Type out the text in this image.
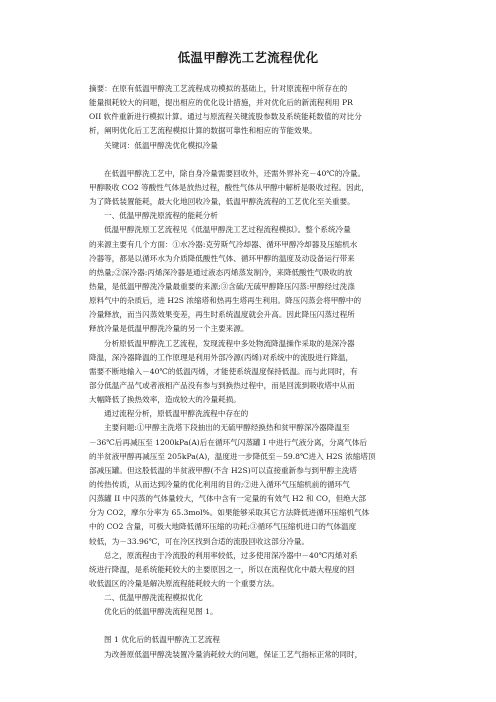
低温甲醇洗工艺流程优化
摘要：在原有低温甲醇洗工艺流程成功模拟的基础上，针对原流程中所存在的
能量损耗较大的问题，提出相应的优化设计措施，并对优化后的新流程利用 PR
OII 软件重新进行模拟计算。通过与原流程关键流股参数及系统能耗数值的对比分
析，阐明优化后工艺流程模拟计算的数据可靠性和相应的节能效果。
关键词：低温甲醇洗优化模拟冷量
在低温甲醇洗工艺中，除自身冷量需要回收外，还需外界补充－40℃的冷量。
甲醇吸收 CO2 等酸性气体是放热过程，酸性气体从甲醇中解析是吸收过程。因此，
为了降低装置能耗，最大化地回收冷量，低温甲醇洗流程的工艺优化至关重要。
一、低温甲醇洗原流程的能耗分析
低温甲醇洗原工艺流程见《低温甲醇洗工艺过程流程模拟》。整个系统冷量
的来源主要有几个方面：①水冷器:克劳斯气冷却器、循环甲醇冷却器及压缩机水
冷器等，都是以循环水为介质降低酸性气体、循环甲醇的温度及动设备运行带来
的热量;②深冷器:丙烯深冷器是通过液态丙烯蒸发制冷，来降低酸性气吸收的放
热量，是低温甲醇洗冷量最重要的来源;③含硫/无硫甲醇降压闪蒸:甲醇经过洗涤
原料气中的杂质后，进 H2S 浓缩塔和热再生塔再生利用。降压闪蒸会将甲醇中的
冷量释放，而当闪蒸效果变差，再生时系统温度就会升高。因此降压闪蒸过程所
释放冷量是低温甲醇洗冷量的另一个主要来源。
分析原低温甲醇洗工艺流程，发现流程中多处物流降温操作采取的是深冷器
降温，深冷器降温的工作原理是利用外部冷源(丙烯)对系统中的流股进行降温，
需要不断地输入－40℃的低温丙烯，才能使系统温度保持低温。而与此同时，有
部分低温产品气或者液相产品没有参与到换热过程中，而是回流到吸收塔中从而
大幅降低了换热效率，造成较大的冷量耗损。
通过流程分析，原低温甲醇洗流程中存在的
主要问题:①甲醇主洗塔下段抽出的无硫甲醇经换热和贫甲醇深冷器降温至
－36℃后再减压至 1200kPa(A)后在循环气闪蒸罐 I 中进行气液分离，分离气体后
的半贫液甲醇再减压至 205kPa(A)，温度进一步降低至－59.8℃进入 H2S 浓缩塔顶
部减压罐。但这股低温的半贫液甲醇(不含 H2S)可以直接重新参与到甲醇主洗塔
的传热传质，从而达到冷量的优化利用的目的;②进入循环气压缩机前的循环气
闪蒸罐 II 中闪蒸的气体量较大，气体中含有一定量的有效气 H2 和 CO，但绝大部
分为 CO2，摩尔分率为 65.3mol%。如果能够采取其它方法降低进循环压缩机气体
中的 CO2 含量，可极大地降低循环压缩的功耗;③循环气压缩机进口的气体温度
较低，为－33.96℃，可在冷区找到合适的流股回收这部分冷量。
总之，原流程由于冷流股的利用率较低，过多使用深冷器中－40℃丙烯对系
统进行降温，是系统能耗较大的主要原因之一，所以在流程优化中最大程度的回
收低温区的冷量是解决原流程能耗较大的一个重要方法。
二、低温甲醇洗流程模拟优化
优化后的低温甲醇洗流程见图 1。
图 1 优化后的低温甲醇洗工艺流程
为改善原低温甲醇洗装置冷量消耗较大的问题，保证工艺气指标正常的同时，
